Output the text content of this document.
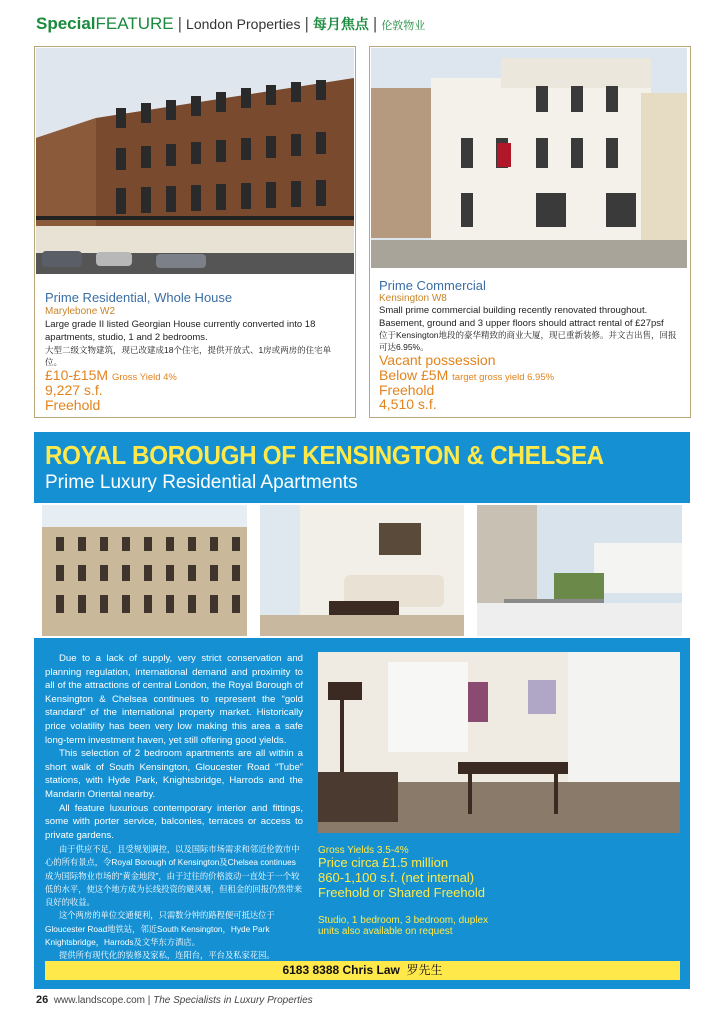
SpecialFEATURE | London Properties | 每月焦点 | 伦敦物业
Prime Residential, Whole House
Marylebone W2
Large grade II listed Georgian House currently converted into 18 apartments, studio, 1 and 2 bedrooms.
大型二级文物建筑，现已改建成18个住宅，提供开放式、1房或两房的住宅单位。
£10-£15M Gross Yield 4%
9,227 s.f.
Freehold
Prime Commercial
Kensington W8
Small prime commercial building recently renovated throughout. Basement, ground and 3 upper floors should attract rental of £27psf
位于Kensington地段的豪华精致的商业大厦，现已重新装修。并文吉出售，回报可达6.95%。
Vacant possession
Below £5M target gross yield 6.95%
Freehold
4,510 s.f.
ROYAL BOROUGH OF KENSINGTON & CHELSEA
Prime Luxury Residential Apartments

Due to a lack of supply, very strict conservation and planning regulation, international demand and proximity to all of the attractions of central London, the Royal Borough of Kensington & Chelsea continues to represent the “gold standard” of the international property market. Historically price volatility has been very low making this area a safe long-term investment haven, yet still offering good yields.

This selection of 2 bedroom apartments are all within a short walk of South Kensington, Gloucester Road “Tube” stations, with Hyde Park, Knightsbridge, Harrods and the Mandarin Oriental nearby.

All feature luxurious contemporary interior and fittings, some with porter service, balconies, terraces or access to private gardens.

由于供应不足，且受规划调控，以及国际市场需求和邻近伦敦市中心的所有景点，令Royal Borough of Kensington及Chelsea continues成为国际物业市场的“黄金地段”，由于过往的价格波动一直处于一个较低的水平，使这个地方成为长线投资的避风塘，但租金的回报仍然带来良好的收益。

这个两房的单位交通便利，只需数分钟的路程便可抵达位于Gloucester Road地铁站，邻近South Kensington，Hyde Park Knightsbridge，Harrods及文华东方酒店。

提供所有现代化的装修及家私，连阳台，平台及私家花园。

Gross Yields 3.5-4%
Price circa £1.5 million
860-1,100 s.f. (net internal)
Freehold or Shared Freehold
Studio, 1 bedroom, 3 bedroom, duplex
units also available on request
6183 8388 Chris Law 罗先生
26 www.landscope.com | The Specialists in Luxury Properties
